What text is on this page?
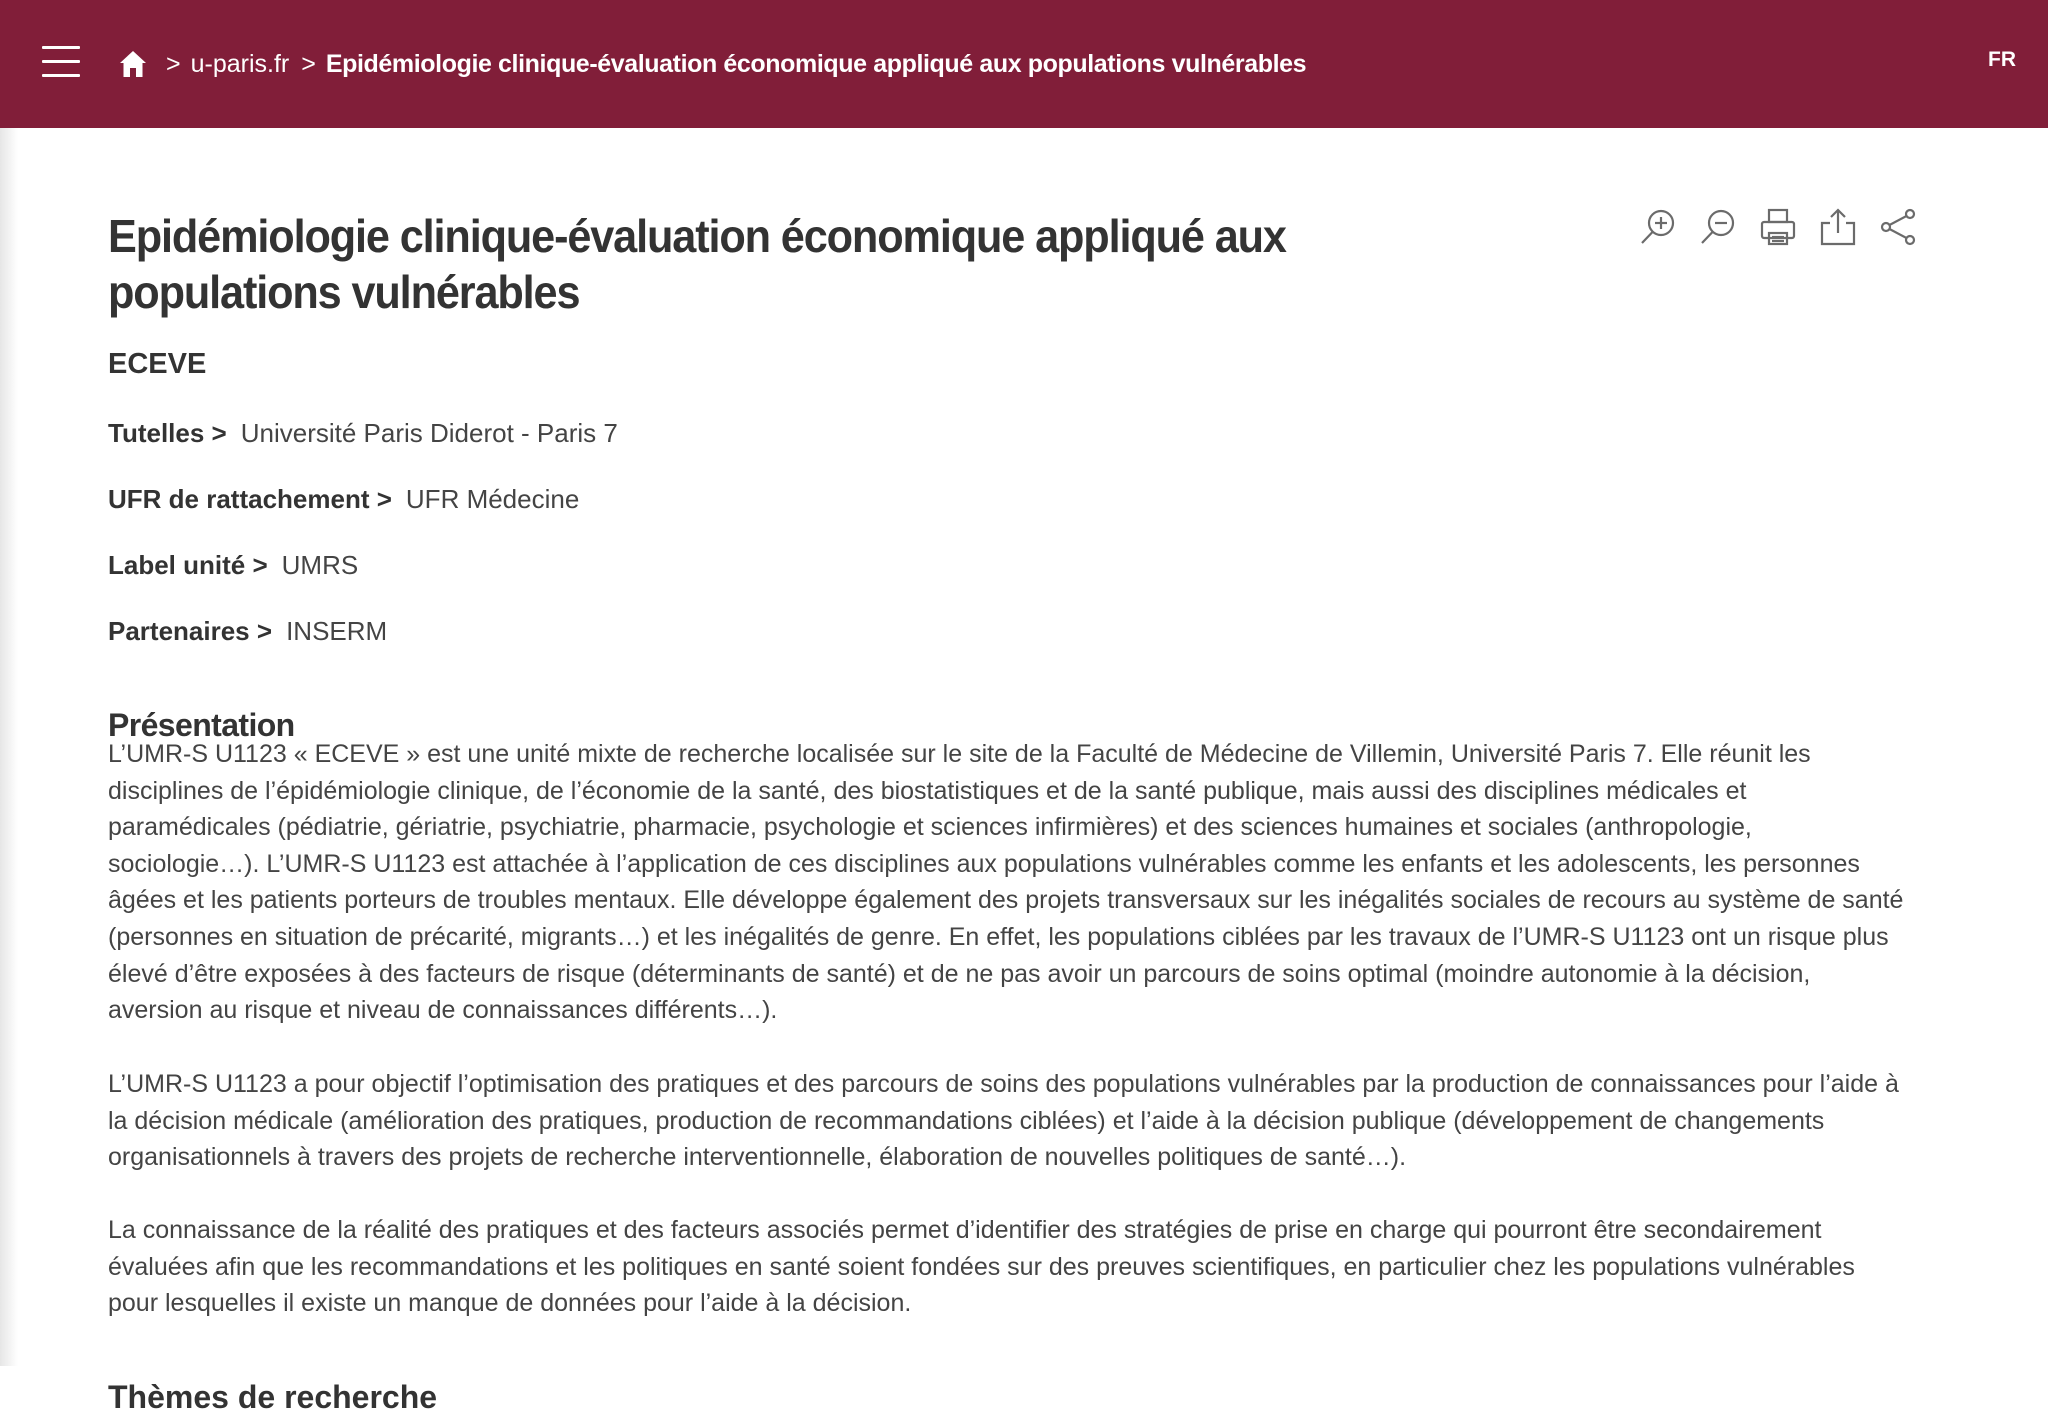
> u-paris.fr > Epidémiologie clinique-évaluation économique appliqué aux populations vulnérables	FR
Epidémiologie clinique-évaluation économique appliqué aux populations vulnérables
ECEVE
Tutelles > Université Paris Diderot - Paris 7
UFR de rattachement > UFR Médecine
Label unité > UMRS
Partenaires > INSERM
Présentation

L’UMR-S U1123 « ECEVE » est une unité mixte de recherche localisée sur le site de la Faculté de Médecine de Villemin, Université Paris 7. Elle réunit les disciplines de l’épidémiologie clinique, de l’économie de la santé, des biostatistiques et de la santé publique, mais aussi des disciplines médicales et paramédicales (pédiatrie, gériatrie, psychiatrie, pharmacie, psychologie et sciences infirmières) et des sciences humaines et sociales (anthropologie, sociologie…). L’UMR-S U1123 est attachée à l’application de ces disciplines aux populations vulnérables comme les enfants et les adolescents, les personnes âgées et les patients porteurs de troubles mentaux. Elle développe également des projets transversaux sur les inégalités sociales de recours au système de santé (personnes en situation de précarité, migrants…) et les inégalités de genre. En effet, les populations ciblées par les travaux de l’UMR-S U1123 ont un risque plus élevé d’être exposées à des facteurs de risque (déterminants de santé) et de ne pas avoir un parcours de soins optimal (moindre autonomie à la décision, aversion au risque et niveau de connaissances différents…).

L’UMR-S U1123 a pour objectif l’optimisation des pratiques et des parcours de soins des populations vulnérables par la production de connaissances pour l’aide à la décision médicale (amélioration des pratiques, production de recommandations ciblées) et l’aide à la décision publique (développement de changements organisationnels à travers des projets de recherche interventionnelle, élaboration de nouvelles politiques de santé…).

La connaissance de la réalité des pratiques et des facteurs associés permet d’identifier des stratégies de prise en charge qui pourront être secondairement évaluées afin que les recommandations et les politiques en santé soient fondées sur des preuves scientifiques, en particulier chez les populations vulnérables pour lesquelles il existe un manque de données pour l’aide à la décision.

Thèmes de recherche
